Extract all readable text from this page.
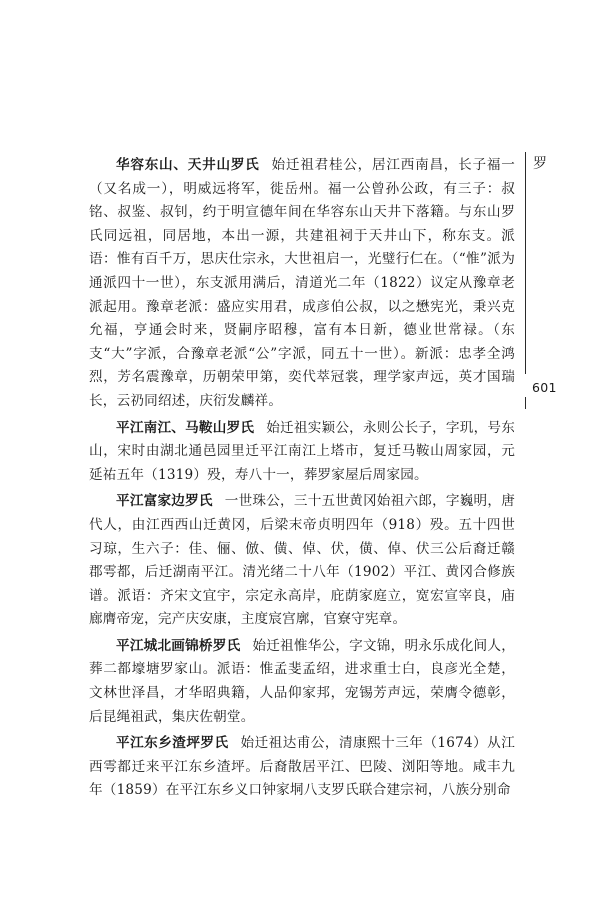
华容东山、天井山罗氏 始迁祖君桂公，居江西南昌，长子福一（又名成一），明威远将军，徙岳州。福一公曾孙公政，有三子：叔铭、叔鉴、叔钊，约于明宣德年间在华容东山天井下落籍。与东山罗氏同远祖，同居地，本出一源，共建祖祠于天井山下，称东支。派语：惟有百千万，思庆仕宗永，大世祖启一，光璧行仁在。（“惟”派为通派四十一世），东支派用满后，清道光二年（1822）议定从豫章老派起用。豫章老派：盛应实用君，成彦伯公叔，以之懋宪光，秉兴克允福，亨通会时来，贤嗣序昭穆，富有本日新，德业世常禄。（东支“大”字派，合豫章老派“公”字派，同五十一世）。新派：忠孝全鸿烈，芳名震豫章，历朝荣甲第，奕代萃冠裳，理学家声远，英才国瑞长，云礽同绍述，庆衍发麟祥。

平江南江、马鞍山罗氏 始迁祖实颖公，永则公长子，字玑，号东山，宋时由湖北通邑园里迁平江南江上塔市，复迁马鞍山周家园，元延祐五年（1319）殁，寿八十一，葬罗家屋后周家园。

平江富家边罗氏 一世珠公，三十五世黄冈始祖六郎，字巍明，唐代人，由江西西山迁黄冈，后梁末帝贞明四年（918）殁。五十四世习琼，生六子：佳、俪、倣、僙、倬、伏，僙、倬、伏三公后裔迁赣郡雩都，后迁湖南平江。清光绪二十八年（1902）平江、黄冈合修族谱。派语：齐宋文宜宇，宗定永高岸，庇荫家庭立，宽宏宣宰良，庙廊膺帝宠，完产庆安康，主度宸宫廓，官寮守宪章。

平江城北画锦桥罗氏 始迁祖惟华公，字文锦，明永乐成化间人，葬二都壕塘罗家山。派语：惟孟斐孟绍，进求重士白，良彦光全楚，文林世泽昌，才华昭典籍，人品仰家邦，宠锡芳声远，荣膺令德彰，后昆绳祖武，集庆佐朝堂。

平江东乡渣坪罗氏 始迁祖达甫公，清康熙十三年（1674）从江西雩都迁来平江东乡渣坪。后裔散居平江、巴陵、浏阳等地。咸丰九年（1859）在平江东乡义口钟家垌八支罗氏联合建宗祠，八族分别命

罗
601
